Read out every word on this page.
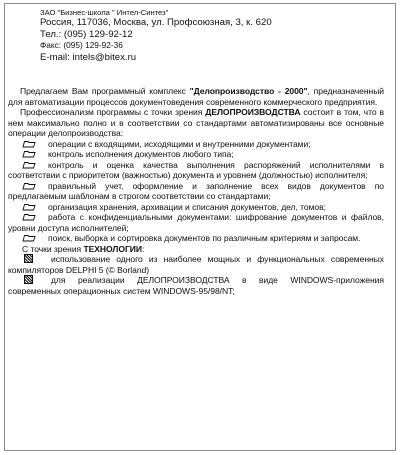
ЗАО "Бизнес-школа " Интел-Синтез"
Россия, 117036, Москва, ул. Профсоюзная, 3, к. 620
Тел.: (095) 129-92-12
Факс: (095) 129-92-36
E-mail: intels@bitex.ru

Предлагаем Вам программный комплекс "Делопроизводство - 2000", предназначенный для автоматизации процессов документоведения современного коммерческого предприятия.

Профессионализм программы с точки зрения ДЕЛОПРОИЗВОДСТВА состоит в том, что в нем максимально полно и в соответствии со стандартами автоматизированы все основные операции делопроизводства:

операции с входящими, исходящими и внутренними документами;
контроль исполнения документов любого типа;
контроль и оценка качества выполнения распоряжений исполнителями в соответствии с приоритетом (важностью) документа и уровнем (должностью) исполнителя;
правильный учет, оформление и заполнение всех видов документов по предлагаемым шаблонам в строгом соответствии со стандартами;
организация хранения, архивации и списания документов, дел, томов;
работа с конфиденциальными документами: шифрование документов и файлов, уровни доступа исполнителей;
поиск, выборка и сортировка документов по различным критериям и запросам.
С точки зрения ТЕХНОЛОГИИ:
использование одного из наиболее мощных и функциональных современных компиляторов DELPHI 5 (© Borland)
для реализации ДЕЛОПРОИЗВОДСТВА в виде WINDOWS-приложения современных операционных систем WINDOWS-95/98/NT;
